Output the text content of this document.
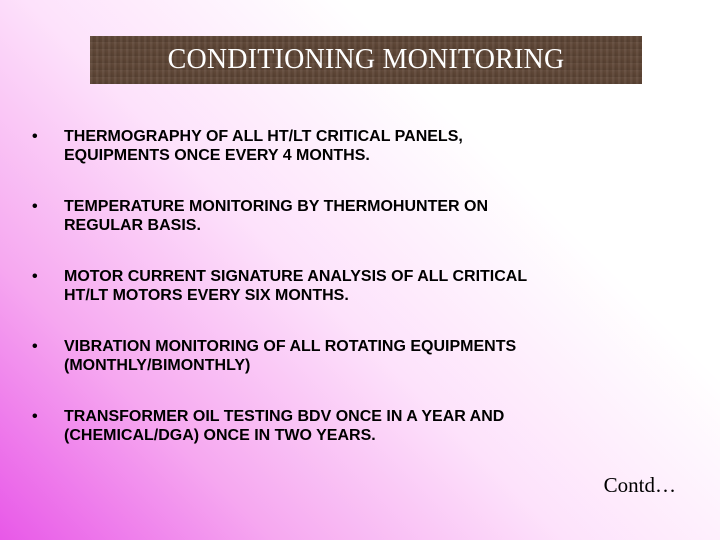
CONDITIONING MONITORING
• THERMOGRAPHY OF ALL HT/LT CRITICAL PANELS,
EQUIPMENTS ONCE EVERY 4 MONTHS.
• TEMPERATURE MONITORING BY THERMOHUNTER ON
REGULAR BASIS.
• MOTOR CURRENT SIGNATURE ANALYSIS OF ALL CRITICAL
HT/LT MOTORS EVERY SIX MONTHS.
• VIBRATION MONITORING OF ALL ROTATING EQUIPMENTS
(MONTHLY/BIMONTHLY)
• TRANSFORMER OIL TESTING BDV ONCE IN A YEAR AND
(CHEMICAL/DGA) ONCE IN TWO YEARS.
Contd…
